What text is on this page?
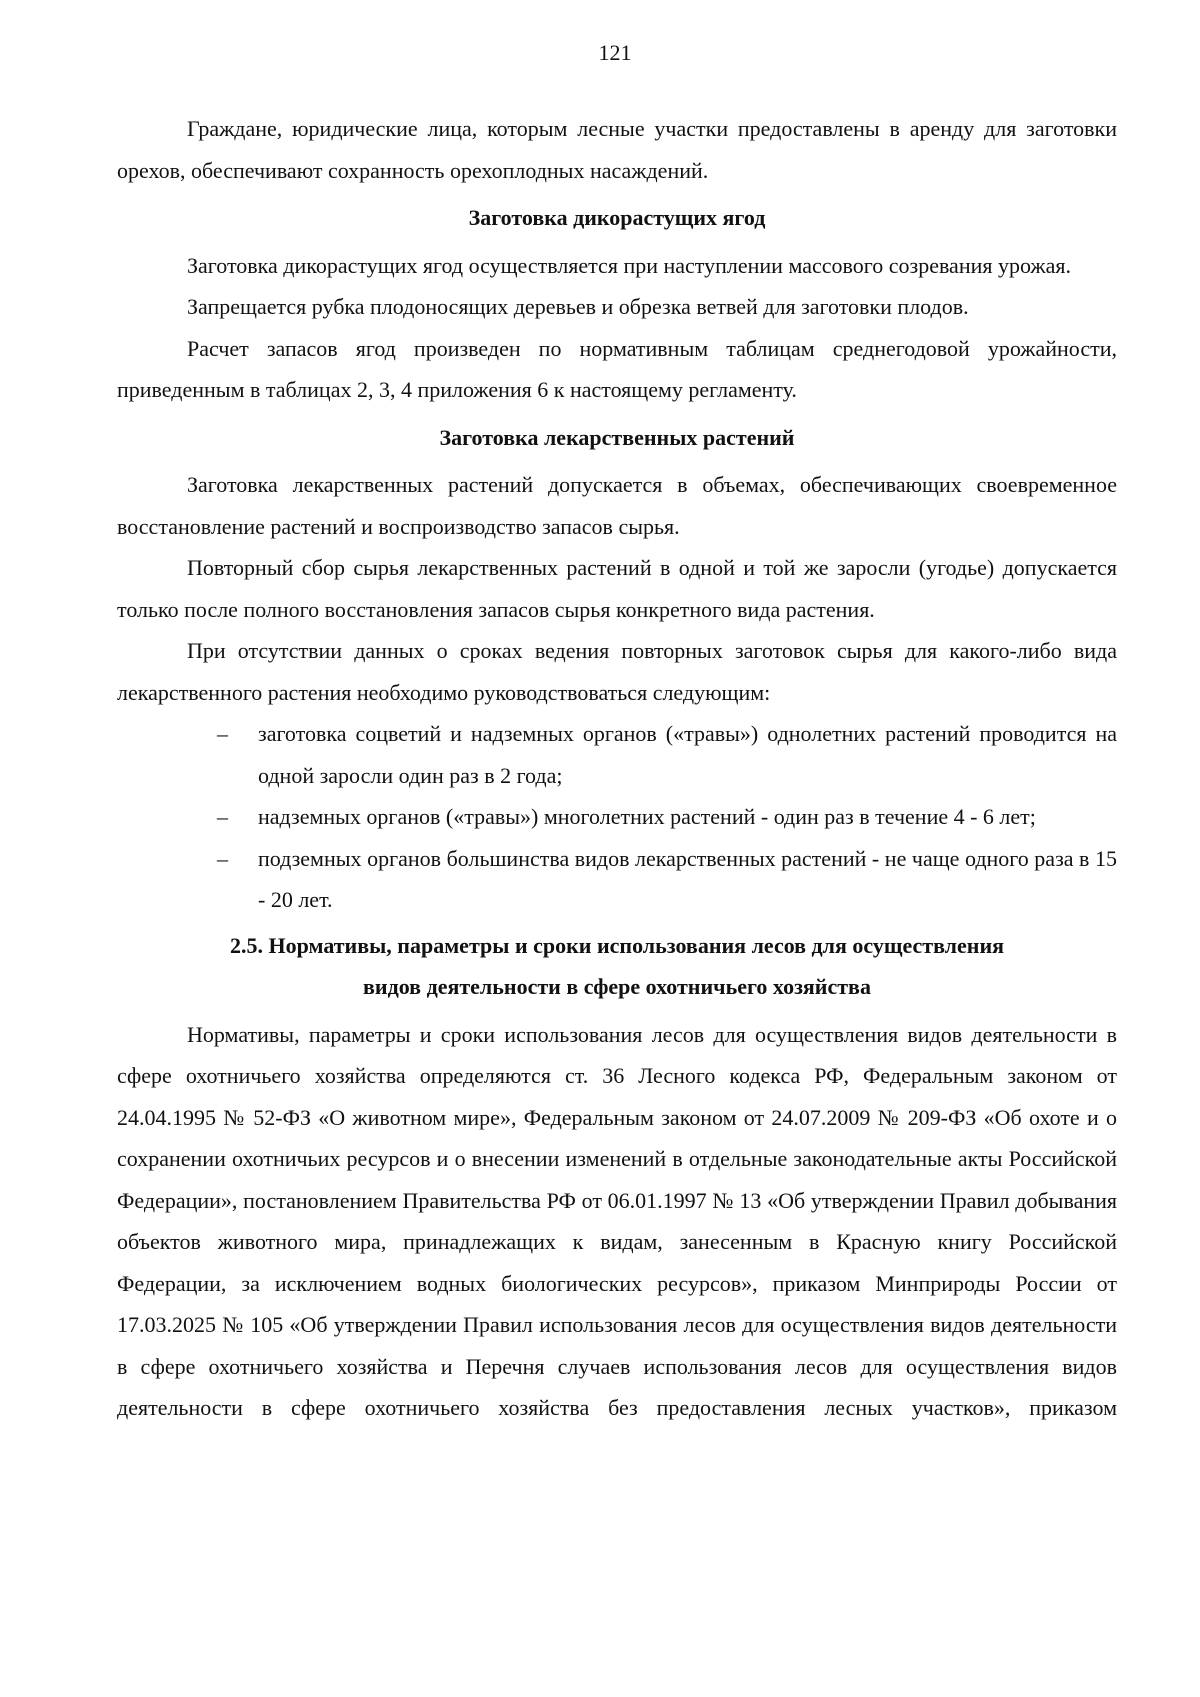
121

Граждане, юридические лица, которым лесные участки предоставлены в аренду для заготовки орехов, обеспечивают сохранность орехоплодных насаждений.

Заготовка дикорастущих ягод

Заготовка дикорастущих ягод осуществляется при наступлении массового созревания урожая.

Запрещается рубка плодоносящих деревьев и обрезка ветвей для заготовки плодов.

Расчет запасов ягод произведен по нормативным таблицам среднегодовой урожайности, приведенным в таблицах 2, 3, 4 приложения 6 к настоящему регламенту.

Заготовка лекарственных растений

Заготовка лекарственных растений допускается в объемах, обеспечивающих своевременное восстановление растений и воспроизводство запасов сырья.

Повторный сбор сырья лекарственных растений в одной и той же заросли (угодье) допускается только после полного восстановления запасов сырья конкретного вида растения.

При отсутствии данных о сроках ведения повторных заготовок сырья для какого-либо вида лекарственного растения необходимо руководствоваться следующим:

– заготовка соцветий и надземных органов («травы») однолетних растений проводится на одной заросли один раз в 2 года;
– надземных органов («травы») многолетних растений - один раз в течение 4 - 6 лет;
– подземных органов большинства видов лекарственных растений - не чаще одного раза в 15 - 20 лет.
2.5. Нормативы, параметры и сроки использования лесов для осуществления
видов деятельности в сфере охотничьего хозяйства

Нормативы, параметры и сроки использования лесов для осуществления видов деятельности в сфере охотничьего хозяйства определяются ст. 36 Лесного кодекса РФ, Федеральным законом от 24.04.1995 № 52-ФЗ «О животном мире», Федеральным законом от 24.07.2009 № 209-ФЗ «Об охоте и о сохранении охотничьих ресурсов и о внесении изменений в отдельные законодательные акты Российской Федерации», постановлением Правительства РФ от 06.01.1997 № 13 «Об утверждении Правил добывания объектов животного мира, принадлежащих к видам, занесенным в Красную книгу Российской Федерации, за исключением водных биологических ресурсов», приказом Минприроды России от 17.03.2025 № 105 «Об утверждении Правил использования лесов для осуществления видов деятельности в сфере охотничьего хозяйства и Перечня случаев использования лесов для осуществления видов деятельности в сфере охотничьего хозяйства без предоставления лесных участков», приказом
